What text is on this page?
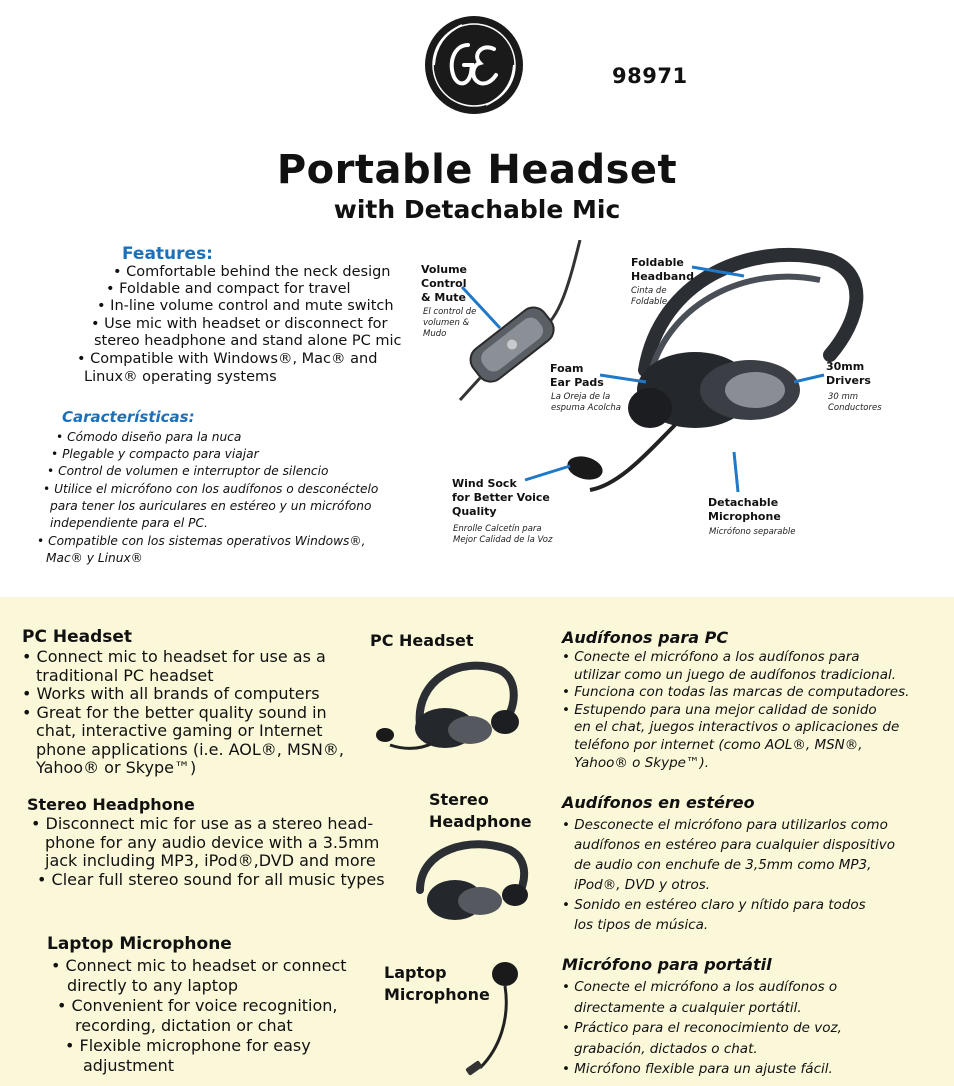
98971
Portable Headset
with Detachable Mic
Features:
• Comfortable behind the neck design
• Foldable and compact for travel
• In-line volume control and mute switch
• Use mic with headset or disconnect for
stereo headphone and stand alone PC mic
• Compatible with Windows®, Mac® and
Linux® operating systems
Características:
• Cómodo diseño para la nuca
• Plegable y compacto para viajar
• Control de volumen e interruptor de silencio
• Utilice el micrófono con los audífonos o desconéctelo
para tener los auriculares en estéreo y un micrófono
independiente para el PC.
• Compatible con los sistemas operativos Windows®,
Mac® y Linux®
Volume
Control
& Mute
El control de
volumen &
Mudo
Foldable
Headband
Cinta de
Foldable
Foam
Ear Pads
La Oreja de la
espuma Acolcha
30mm
Drivers
30 mm
Conductores
Wind Sock
for Better Voice
Quality
Enrolle Calcetín para
Mejor Calidad de la Voz
Detachable
Microphone
Micrófono separable
PC Headset
• Connect mic to headset for use as a
traditional PC headset
• Works with all brands of computers
• Great for the better quality sound in
chat, interactive gaming or Internet
phone applications (i.e. AOL®, MSN®,
Yahoo® or Skype™)
Stereo Headphone
• Disconnect mic for use as a stereo head-
phone for any audio device with a 3.5mm
jack including MP3, iPod®,DVD and more
• Clear full stereo sound for all music types
Laptop Microphone
• Connect mic to headset or connect
directly to any laptop
• Convenient for voice recognition,
recording, dictation or chat
• Flexible microphone for easy
adjustment
PC Headset
Stereo
Headphone
Laptop
Microphone
Audífonos para PC
• Conecte el micrófono a los audífonos para
utilizar como un juego de audífonos tradicional.
• Funciona con todas las marcas de computadores.
• Estupendo para una mejor calidad de sonido
en el chat, juegos interactivos o aplicaciones de
teléfono por internet (como AOL®, MSN®,
Yahoo® o Skype™).
Audífonos en estéreo
• Desconecte el micrófono para utilizarlos como
audífonos en estéreo para cualquier dispositivo
de audio con enchufe de 3,5mm como MP3,
iPod®, DVD y otros.
• Sonido en estéreo claro y nítido para todos
los tipos de música.
Micrófono para portátil
• Conecte el micrófono a los audífonos o
directamente a cualquier portátil.
• Práctico para el reconocimiento de voz,
grabación, dictados o chat.
• Micrófono flexible para un ajuste fácil.
